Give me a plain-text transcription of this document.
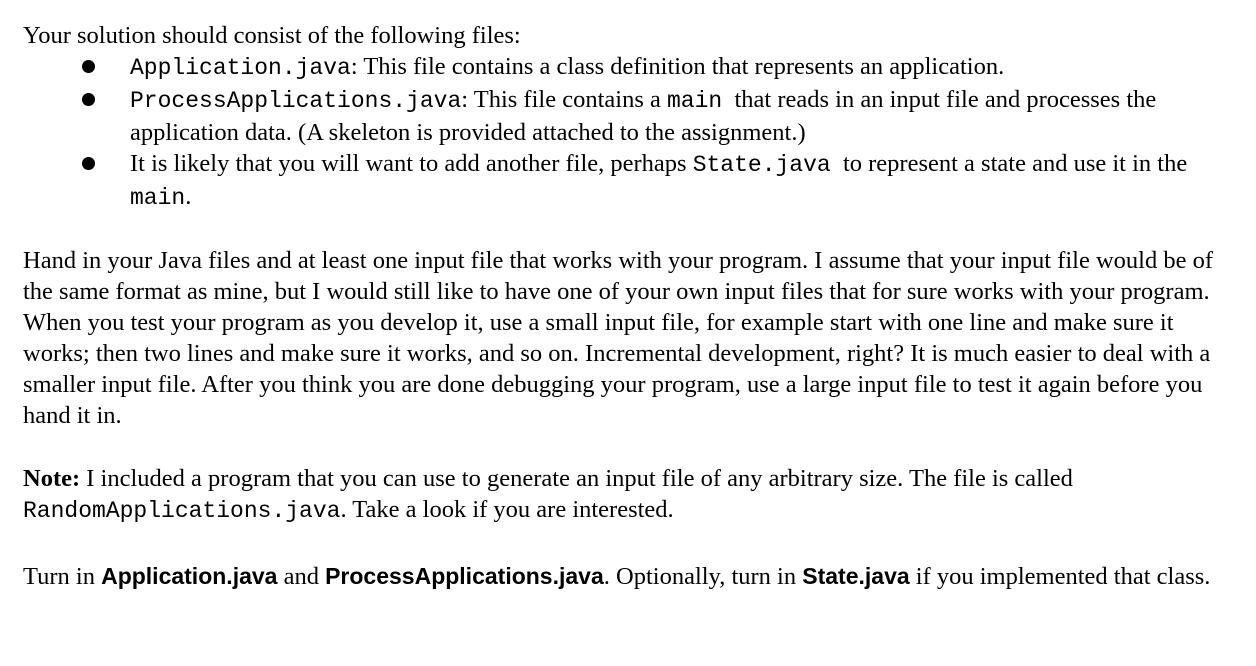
Your solution should consist of the following files:

Application.java: This file contains a class definition that represents an application.
ProcessApplications.java: This file contains a main  that reads in an input file and processes the application data. (A skeleton is provided attached to the assignment.)
It is likely that you will want to add another file, perhaps State.java  to represent a state and use it in the main.

Hand in your Java files and at least one input file that works with your program. I assume that your input file would be of the same format as mine, but I would still like to have one of your own input files that for sure works with your program.

When you test your program as you develop it, use a small input file, for example start with one line and make sure it works; then two lines and make sure it works, and so on. Incremental development, right? It is much easier to deal with a smaller input file. After you think you are done debugging your program, use a large input file to test it again before you hand it in.

Note: I included a program that you can use to generate an input file of any arbitrary size. The file is called RandomApplications.java. Take a look if you are interested.

Turn in Application.java and ProcessApplications.java. Optionally, turn in State.java if you implemented that class.
